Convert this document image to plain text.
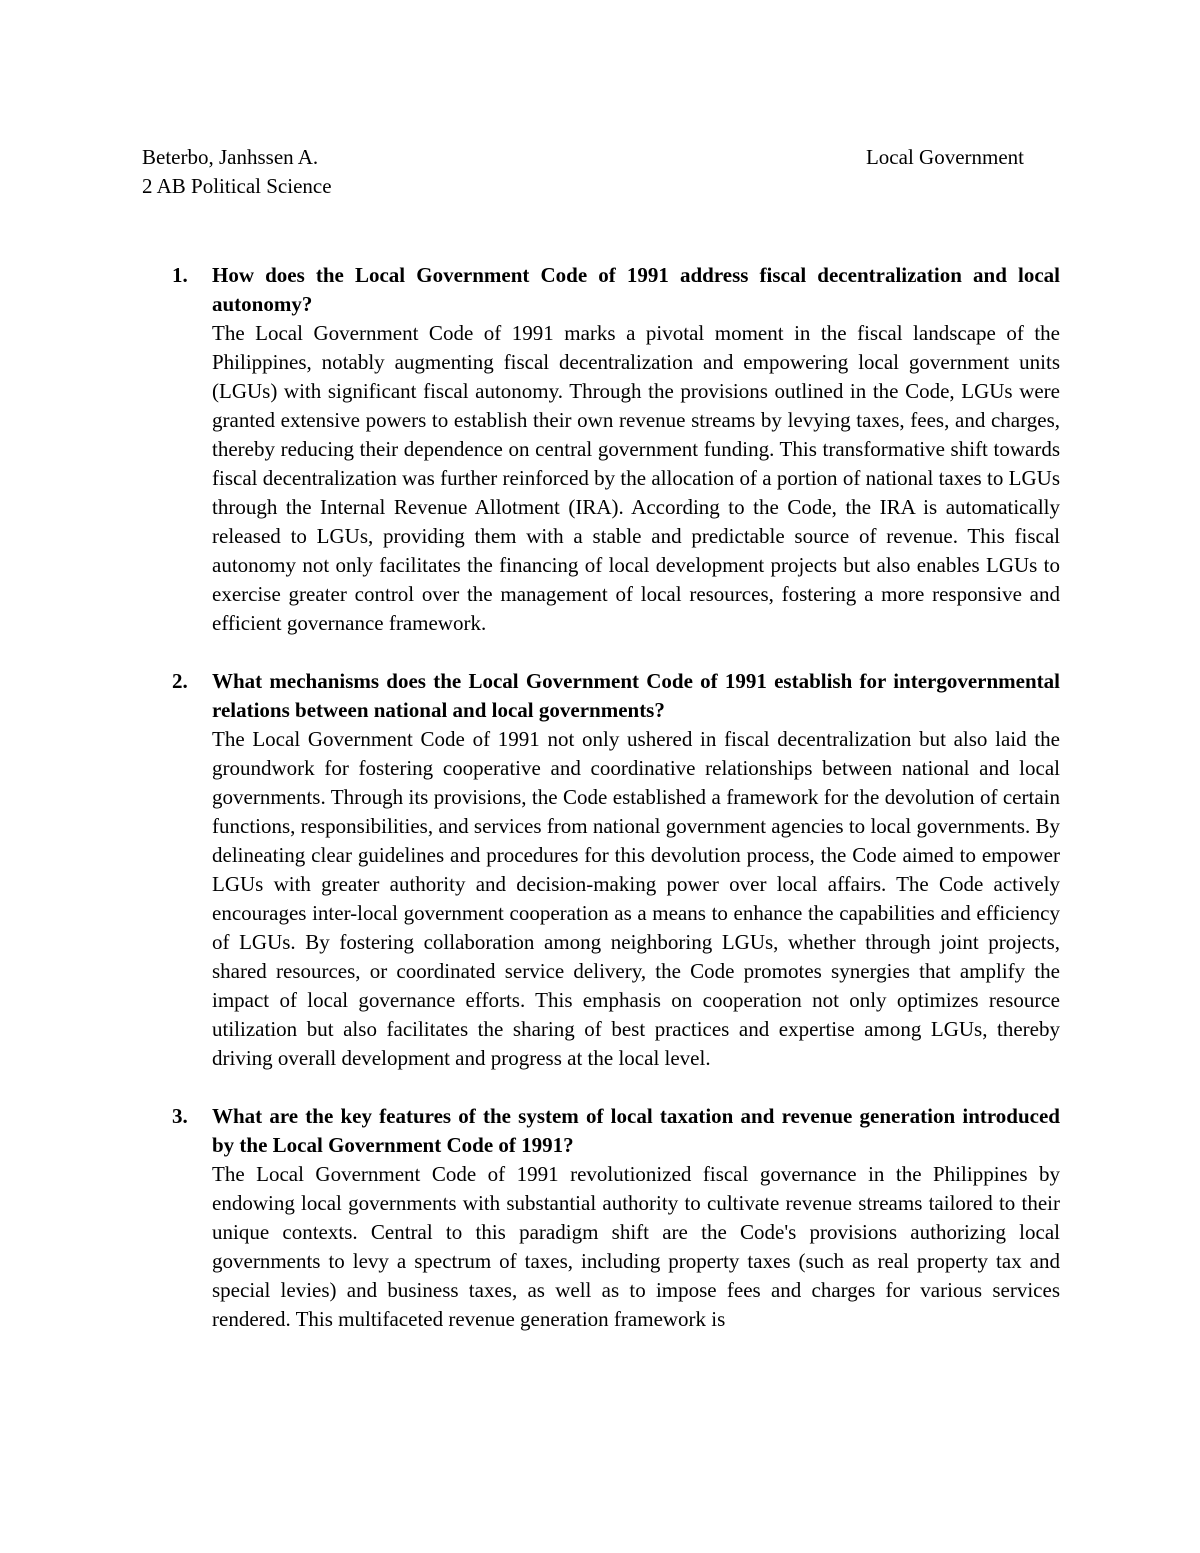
Beterbo, Janhssen A.
2 AB Political Science
Local Government
1. How does the Local Government Code of 1991 address fiscal decentralization and local autonomy?

The Local Government Code of 1991 marks a pivotal moment in the fiscal landscape of the Philippines, notably augmenting fiscal decentralization and empowering local government units (LGUs) with significant fiscal autonomy. Through the provisions outlined in the Code, LGUs were granted extensive powers to establish their own revenue streams by levying taxes, fees, and charges, thereby reducing their dependence on central government funding. This transformative shift towards fiscal decentralization was further reinforced by the allocation of a portion of national taxes to LGUs through the Internal Revenue Allotment (IRA). According to the Code, the IRA is automatically released to LGUs, providing them with a stable and predictable source of revenue. This fiscal autonomy not only facilitates the financing of local development projects but also enables LGUs to exercise greater control over the management of local resources, fostering a more responsive and efficient governance framework.

2. What mechanisms does the Local Government Code of 1991 establish for intergovernmental relations between national and local governments?

The Local Government Code of 1991 not only ushered in fiscal decentralization but also laid the groundwork for fostering cooperative and coordinative relationships between national and local governments. Through its provisions, the Code established a framework for the devolution of certain functions, responsibilities, and services from national government agencies to local governments. By delineating clear guidelines and procedures for this devolution process, the Code aimed to empower LGUs with greater authority and decision-making power over local affairs. The Code actively encourages inter-local government cooperation as a means to enhance the capabilities and efficiency of LGUs. By fostering collaboration among neighboring LGUs, whether through joint projects, shared resources, or coordinated service delivery, the Code promotes synergies that amplify the impact of local governance efforts. This emphasis on cooperation not only optimizes resource utilization but also facilitates the sharing of best practices and expertise among LGUs, thereby driving overall development and progress at the local level.

3. What are the key features of the system of local taxation and revenue generation introduced by the Local Government Code of 1991?

The Local Government Code of 1991 revolutionized fiscal governance in the Philippines by endowing local governments with substantial authority to cultivate revenue streams tailored to their unique contexts. Central to this paradigm shift are the Code's provisions authorizing local governments to levy a spectrum of taxes, including property taxes (such as real property tax and special levies) and business taxes, as well as to impose fees and charges for various services rendered. This multifaceted revenue generation framework is
